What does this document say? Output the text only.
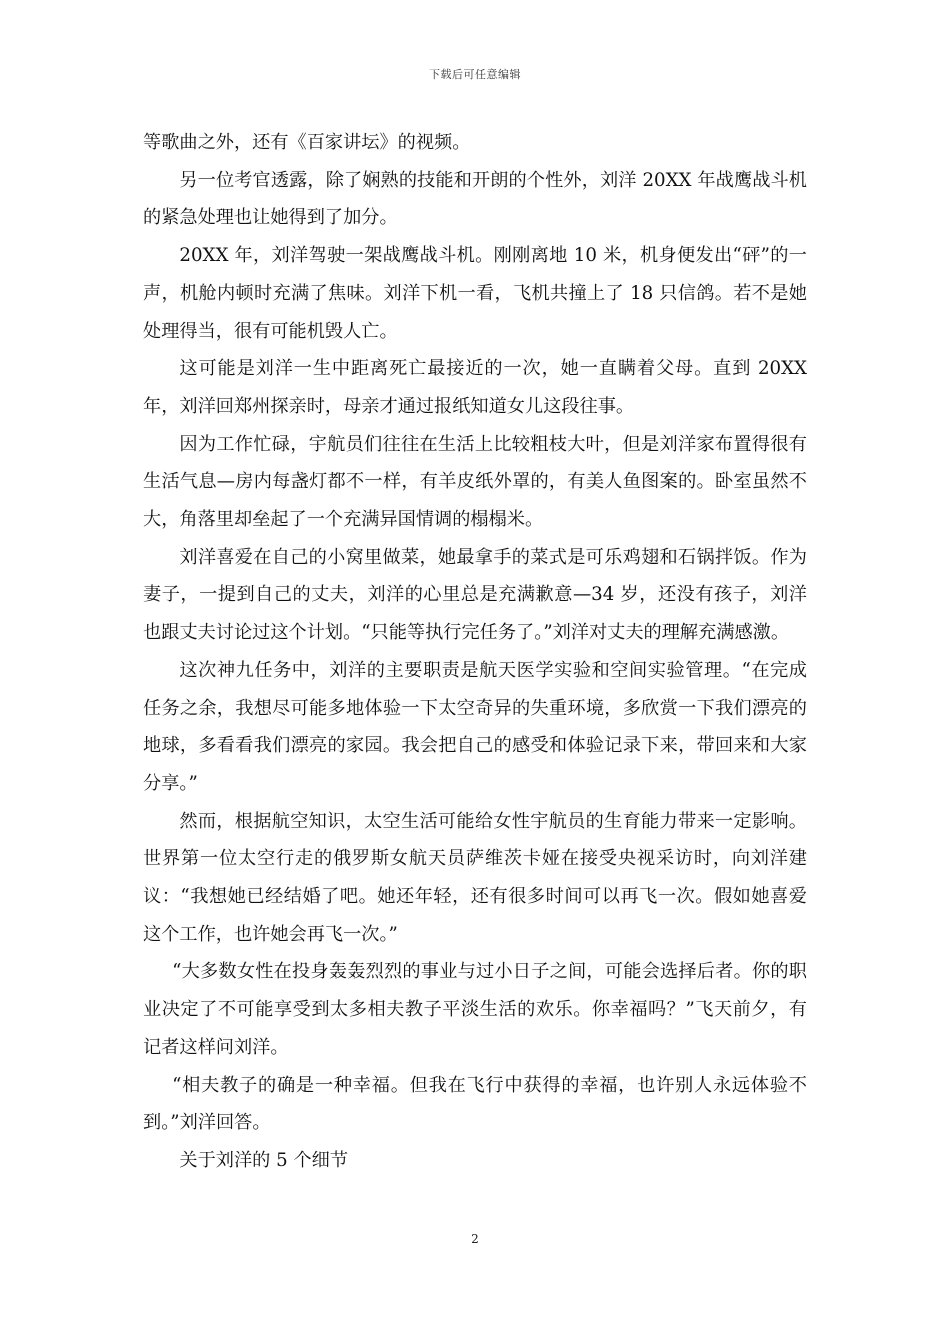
下载后可任意编辑

等歌曲之外，还有《百家讲坛》的视频。

另一位考官透露，除了娴熟的技能和开朗的个性外，刘洋 20XX 年战鹰战斗机的紧急处理也让她得到了加分。

20XX 年，刘洋驾驶一架战鹰战斗机。刚刚离地 10 米，机身便发出“砰”的一声，机舱内顿时充满了焦味。刘洋下机一看，飞机共撞上了 18 只信鸽。若不是她处理得当，很有可能机毁人亡。

这可能是刘洋一生中距离死亡最接近的一次，她一直瞒着父母。直到 20XX 年，刘洋回郑州探亲时，母亲才通过报纸知道女儿这段往事。

因为工作忙碌，宇航员们往往在生活上比较粗枝大叶，但是刘洋家布置得很有生活气息—房内每盏灯都不一样，有羊皮纸外罩的，有美人鱼图案的。卧室虽然不大，角落里却垒起了一个充满异国情调的榻榻米。

刘洋喜爱在自己的小窝里做菜，她最拿手的菜式是可乐鸡翅和石锅拌饭。作为妻子，一提到自己的丈夫，刘洋的心里总是充满歉意—34 岁，还没有孩子，刘洋也跟丈夫讨论过这个计划。“只能等执行完任务了。”刘洋对丈夫的理解充满感激。

这次神九任务中，刘洋的主要职责是航天医学实验和空间实验管理。“在完成任务之余，我想尽可能多地体验一下太空奇异的失重环境，多欣赏一下我们漂亮的地球，多看看我们漂亮的家园。我会把自己的感受和体验记录下来，带回来和大家分享。”

然而，根据航空知识，太空生活可能给女性宇航员的生育能力带来一定影响。世界第一位太空行走的俄罗斯女航天员萨维茨卡娅在接受央视采访时，向刘洋建议：“我想她已经结婚了吧。她还年轻，还有很多时间可以再飞一次。假如她喜爱这个工作，也许她会再飞一次。”

“大多数女性在投身轰轰烈烈的事业与过小日子之间，可能会选择后者。你的职业决定了不可能享受到太多相夫教子平淡生活的欢乐。你幸福吗？”飞天前夕，有记者这样问刘洋。

“相夫教子的确是一种幸福。但我在飞行中获得的幸福，也许别人永远体验不到。”刘洋回答。

关于刘洋的 5 个细节

2
